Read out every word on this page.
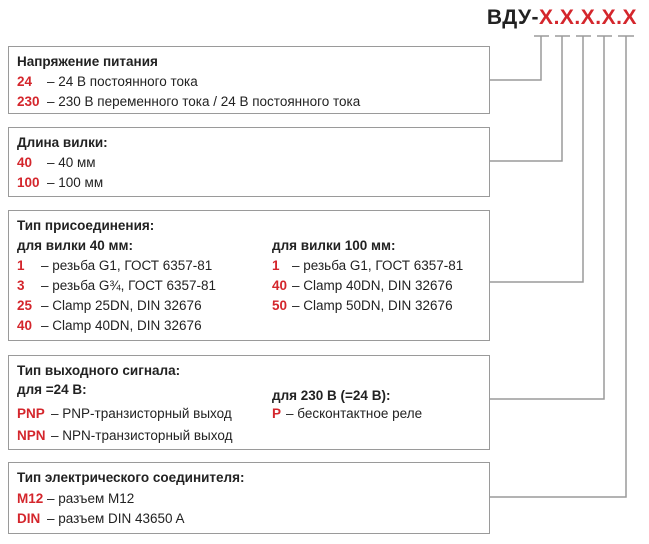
ВДУ-X.X.X.X.X
Напряжение питания
24 – 24 В постоянного тока
230 – 230 В переменного тока / 24 В постоянного тока
Длина вилки:
40 – 40 мм
100 – 100 мм
Тип присоединения:
для вилки 40 мм:	для вилки 100 мм:
1 – резьба G1, ГОСТ 6357-81
3 – резьба G¾, ГОСТ 6357-81
25 – Clamp 25DN, DIN 32676
40 – Clamp 40DN, DIN 32676
1 – резьба G1, ГОСТ 6357-81
40 – Clamp 40DN, DIN 32676
50 – Clamp 50DN, DIN 32676
Тип выходного сигнала:
для =24 В:	для 230 В (=24 В):
PNP – PNP-транзисторный выход
NPN – NPN-транзисторный выход
P – бесконтактное реле
Тип электрического соединителя:
M12 – разъем M12
DIN – разъем DIN 43650 A
